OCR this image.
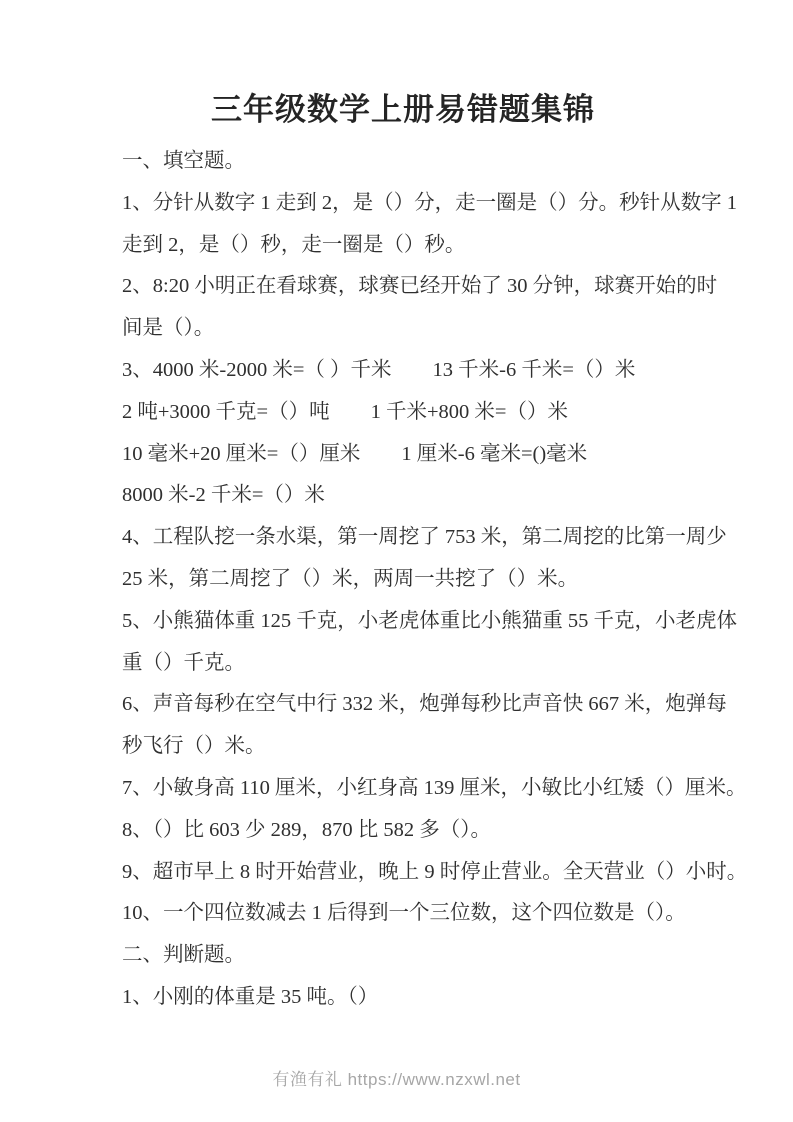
三年级数学上册易错题集锦
一、填空题。
1、分针从数字 1 走到 2，是（）分，走一圈是（）分。秒针从数字 1
走到 2，是（）秒，走一圈是（）秒。
2、8:20 小明正在看球赛，球赛已经开始了 30 分钟，球赛开始的时
间是（）。
3、4000 米-2000 米=（ ）千米        13 千米-6 千米=（）米
2 吨+3000 千克=（）吨        1 千米+800 米=（）米
10 毫米+20 厘米=（）厘米        1 厘米-6 毫米=()毫米
8000 米-2 千米=（）米
4、工程队挖一条水渠，第一周挖了 753 米，第二周挖的比第一周少
25 米，第二周挖了（）米，两周一共挖了（）米。
5、小熊猫体重 125 千克，小老虎体重比小熊猫重 55 千克，小老虎体
重（）千克。
6、声音每秒在空气中行 332 米，炮弹每秒比声音快 667 米，炮弹每
秒飞行（）米。
7、小敏身高 110 厘米，小红身高 139 厘米，小敏比小红矮（）厘米。
8、（）比 603 少 289，870 比 582 多（）。
9、超市早上 8 时开始营业，晚上 9 时停止营业。全天营业（）小时。
10、一个四位数减去 1 后得到一个三位数，这个四位数是（）。
二、判断题。
1、小刚的体重是 35 吨。（）
有渔有礼 https://www.nzxwl.net
